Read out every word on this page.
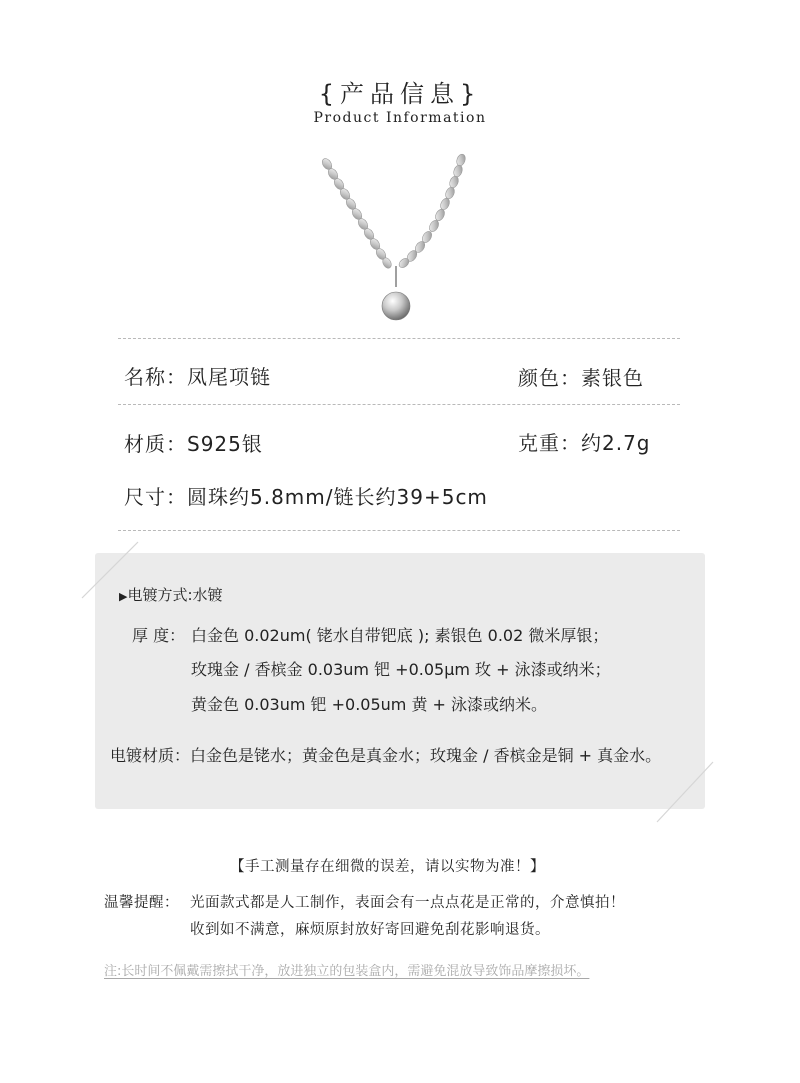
{产品信息}
Product Information
名称：凤尾项链	颜色：素银色
材质：S925银	克重：约2.7g
尺寸：圆珠约5.8mm/链长约39+5cm
▶电镀方式:水镀
厚 度： 白金色 0.02um( 铑水自带钯底 ); 素银色 0.02 微米厚银；
玫瑰金 / 香槟金 0.03um 钯 +0.05μm 玫 + 泳漆或纳米；
黄金色 0.03um 钯 +0.05um 黄 + 泳漆或纳米。
电镀材质：白金色是铑水；黄金色是真金水；玫瑰金 / 香槟金是铜 + 真金水。
【手工测量存在细微的误差，请以实物为准！】
温馨提醒： 光面款式都是人工制作，表面会有一点点花是正常的，介意慎拍！
收到如不满意，麻烦原封放好寄回避免刮花影响退货。
注:长时间不佩戴需擦拭干净，放进独立的包装盒内，需避免混放导致饰品摩擦损坏。
